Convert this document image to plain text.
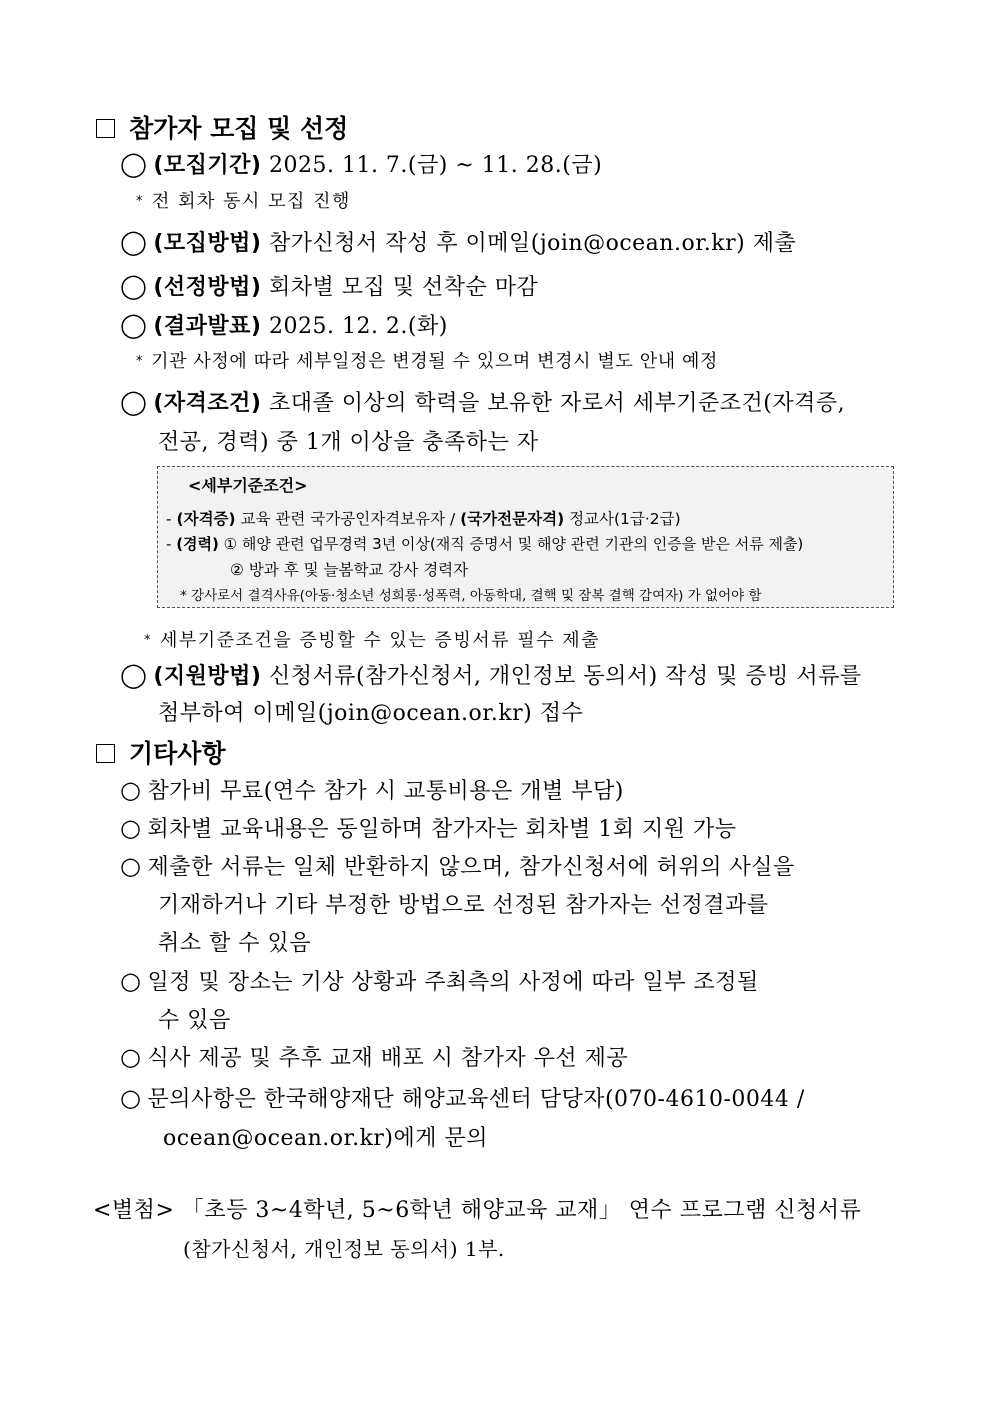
참가자 모집 및 선정
◯ (모집기간) 2025. 11. 7.(금) ~ 11. 28.(금)
* 전 회차 동시 모집 진행
◯ (모집방법) 참가신청서 작성 후 이메일(join@ocean.or.kr) 제출
◯ (선정방법) 회차별 모집 및 선착순 마감
◯ (결과발표) 2025. 12. 2.(화)
* 기관 사정에 따라 세부일정은 변경될 수 있으며 변경시 별도 안내 예정
◯ (자격조건) 초대졸 이상의 학력을 보유한 자로서 세부기준조건(자격증,
전공, 경력) 중 1개 이상을 충족하는 자
<세부기준조건>
- (자격증) 교육 관련 국가공인자격보유자 / (국가전문자격) 정교사(1급·2급)
- (경력) ① 해양 관련 업무경력 3년 이상(재직 증명서 및 해양 관련 기관의 인증을 받은 서류 제출)
② 방과 후 및 늘봄학교 강사 경력자
* 강사로서 결격사유(아동·청소년 성희롱·성폭력, 아동학대, 결핵 및 잠복 결핵 감여자) 가 없어야 함
* 세부기준조건을 증빙할 수 있는 증빙서류 필수 제출
◯ (지원방법) 신청서류(참가신청서, 개인정보 동의서) 작성 및 증빙 서류를
첨부하여 이메일(join@ocean.or.kr) 접수
기타사항
○ 참가비 무료(연수 참가 시 교통비용은 개별 부담)
○ 회차별 교육내용은 동일하며 참가자는 회차별 1회 지원 가능
○ 제출한 서류는 일체 반환하지 않으며, 참가신청서에 허위의 사실을
기재하거나 기타 부정한 방법으로 선정된 참가자는 선정결과를
취소 할 수 있음
○ 일정 및 장소는 기상 상황과 주최측의 사정에 따라 일부 조정될
수 있음
○ 식사 제공 및 추후 교재 배포 시 참가자 우선 제공
○ 문의사항은 한국해양재단 해양교육센터 담당자(070-4610-0044 /
ocean@ocean.or.kr)에게 문의
<별첨> 「초등 3~4학년, 5~6학년 해양교육 교재」 연수 프로그램 신청서류
(참가신청서, 개인정보 동의서) 1부.
